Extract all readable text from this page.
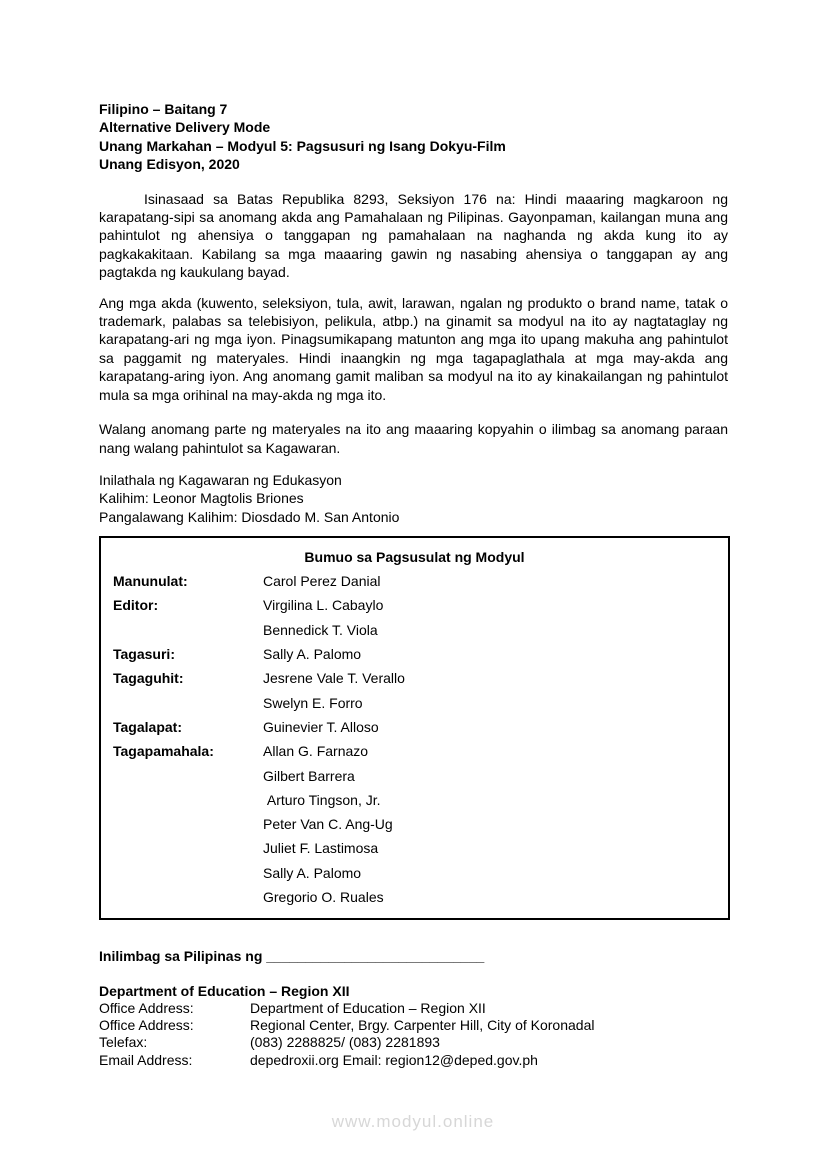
Filipino – Baitang 7
Alternative Delivery Mode
Unang Markahan – Modyul 5: Pagsusuri ng Isang Dokyu-Film
Unang Edisyon, 2020

Isinasaad sa Batas Republika 8293, Seksiyon 176 na: Hindi maaaring magkaroon ng karapatang-sipi sa anomang akda ang Pamahalaan ng Pilipinas. Gayonpaman, kailangan muna ang pahintulot ng ahensiya o tanggapan ng pamahalaan na naghanda ng akda kung ito ay pagkakakitaan. Kabilang sa mga maaaring gawin ng nasabing ahensiya o tanggapan ay ang pagtakda ng kaukulang bayad.

Ang mga akda (kuwento, seleksiyon, tula, awit, larawan, ngalan ng produkto o brand name, tatak o trademark, palabas sa telebisiyon, pelikula, atbp.) na ginamit sa modyul na ito ay nagtataglay ng karapatang-ari ng mga iyon. Pinagsumikapang matunton ang mga ito upang makuha ang pahintulot sa paggamit ng materyales. Hindi inaangkin ng mga tagapaglathala at mga may-akda ang karapatang-aring iyon. Ang anomang gamit maliban sa modyul na ito ay kinakailangan ng pahintulot mula sa mga orihinal na may-akda ng mga ito.

Walang anomang parte ng materyales na ito ang maaaring kopyahin o ilimbag sa anomang paraan nang walang pahintulot sa Kagawaran.

Inilathala ng Kagawaran ng Edukasyon
Kalihim: Leonor Magtolis Briones
Pangalawang Kalihim: Diosdado M. San Antonio
Bumuo sa Pagsusulat ng Modyul
Manunulat:	Carol Perez Danial
Editor:	Virgilina L. Cabaylo
Bennedick T. Viola
Tagasuri:	Sally A. Palomo
Tagaguhit:	Jesrene Vale T. Verallo
Swelyn E. Forro
Tagalapat:	Guinevier T. Alloso
Tagapamahala:	Allan G. Farnazo
Gilbert Barrera
Arturo Tingson, Jr.
Peter Van C. Ang-Ug
Juliet F. Lastimosa
Sally A. Palomo
Gregorio O. Ruales
Inilimbag sa Pilipinas ng ____________________________
Department of Education – Region XII
Office Address:	Department of Education – Region XII
Office Address:	Regional Center, Brgy. Carpenter Hill, City of Koronadal
Telefax:	(083) 2288825/ (083) 2281893
Email Address:	depedroxii.org Email: region12@deped.gov.ph
www.modyul.online
